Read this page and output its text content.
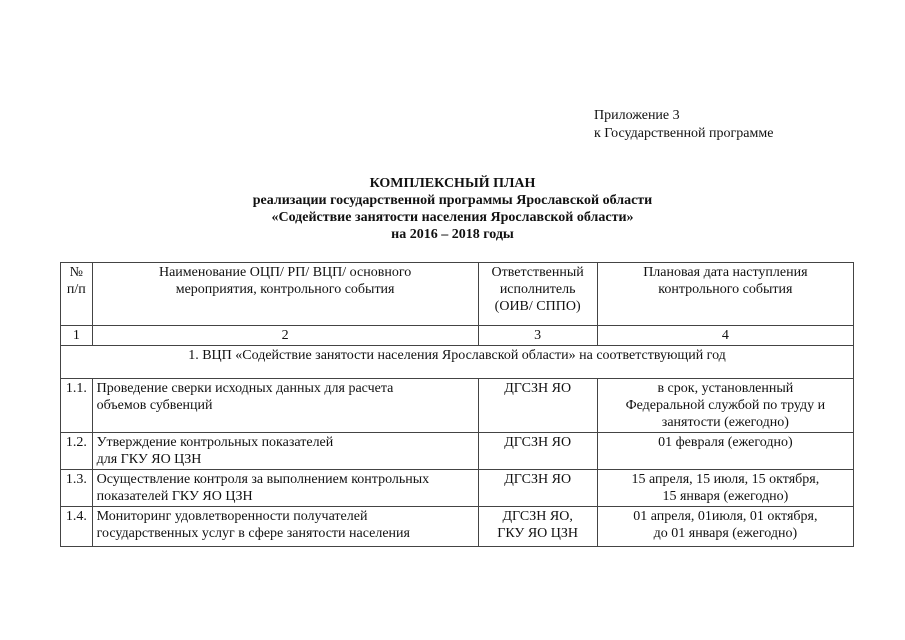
Приложение 3
к Государственной программе
КОМПЛЕКСНЫЙ ПЛАН
реализации государственной программы Ярославской области
«Содействие занятости населения Ярославской области»
на 2016 – 2018 годы
№
п/п	Наименование ОЦП/ РП/ ВЦП/ основного
мероприятия, контрольного события	Ответственный
исполнитель
(ОИВ/ СППО)	Плановая дата наступления
контрольного события

1	2	3	4
1. ВЦП «Содействие занятости населения Ярославской области» на соответствующий год			
1.1.	Проведение сверки исходных данных для расчета
объемов субвенций	ДГСЗН ЯО	в срок, установленный
Федеральной службой по труду и
занятости (ежегодно)

1.2.	Утверждение контрольных показателей
для ГКУ ЯО ЦЗН	ДГСЗН ЯО	01 февраля (ежегодно)

1.3.	Осуществление контроля за выполнением контрольных
показателей ГКУ ЯО ЦЗН	ДГСЗН ЯО	15 апреля, 15 июля, 15 октября,
15 января (ежегодно)

1.4.	Мониторинг удовлетворенности получателей
государственных услуг в сфере занятости населения	ДГСЗН ЯО,
ГКУ ЯО ЦЗН	01 апреля, 01июля, 01 октября,
до 01 января (ежегодно)
